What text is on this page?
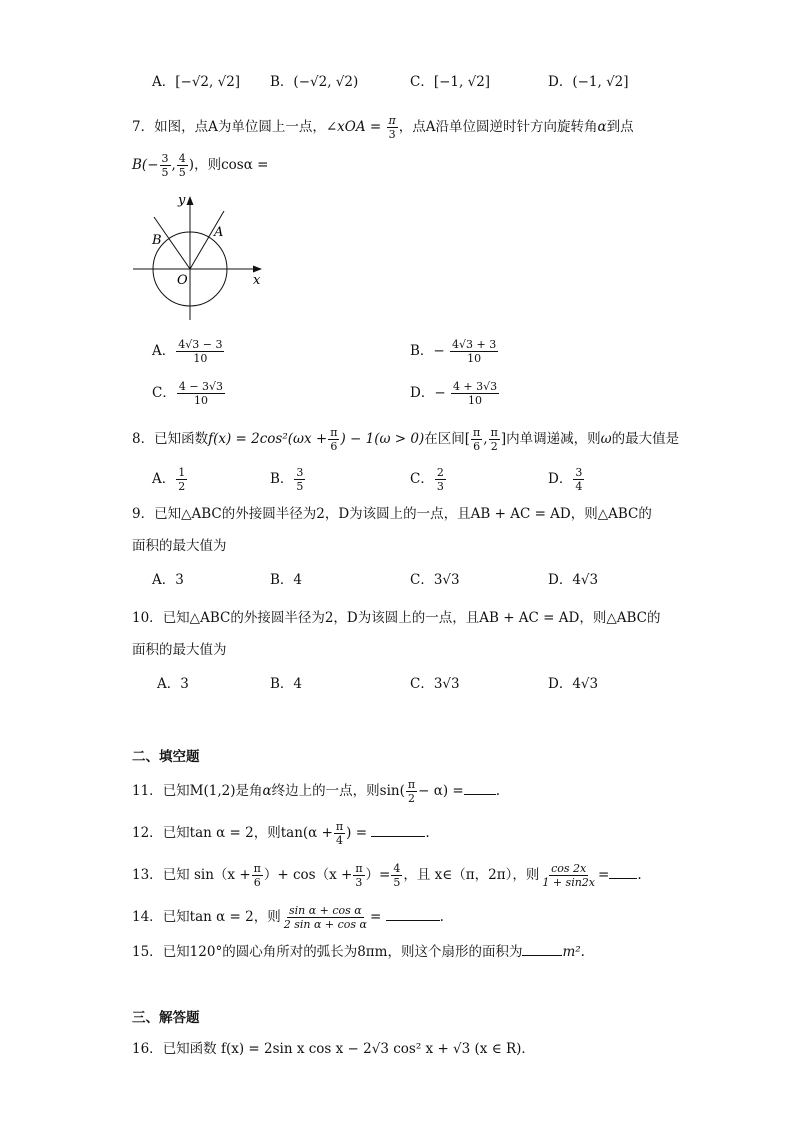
A．[−√2, √2] B．(−√2, √2)	C．[−1, √2]	D．(−1, √2]
7．如图，点A为单位圆上一点，∠xOA = $\frac{\pi}{3}$ ，点A沿单位圆逆时针方向旋转角α到点
$B(- \frac{3}{5}$ , $\frac{4}{5}$ )，则cosα =
y
x
O
A
B
A． $\frac{4√3 - 3}{10}$	B．− $\frac{4√3 + 3}{10}$
C． $\frac{4 - 3√3}{10}$	D．− $\frac{4 + 3√3}{10}$
8．已知函数$f(x) = 2\cos^2(\omega x + \frac{\pi}{6}$ ) − 1(ω > 0)在区间[ $\frac{\pi}{6}$ , $\frac{\pi}{2}$ ]内单调递减，则ω的最大值是
A． $\frac{1}{2}$	B． $\frac{3}{5}$	C． $\frac{2}{3}$	D． $\frac{3}{4}$
9．已知△ABC的外接圆半径为2，D为该圆上的一点，且AB + AC = AD，则△ABC的
面积的最大值为
A．3	B．4	C．3√3	D．4√3
10．已知△ABC的外接圆半径为2，D为该圆上的一点，且AB + AC = AD，则△ABC的
面积的最大值为
A．3	B．4	C．3√3	D．4√3
二、填空题
11．已知M(1,2)是角α终边上的一点，则$\sin( \frac{\pi}{2} - \alpha)$ = .
12．已知tan α = 2，则$\tan(\alpha + \frac{\pi}{4}$ ) =	.
13．已知 $\sin(x + \frac{\pi}{6}$ ）+ $\cos(x + \frac{\pi}{3}$ ）= $\frac{4}{5}$ ，且 x∈（π，2π），则 $\frac{\cos 2x}{1 + \sin 2x}$ = .
14．已知tan α = 2，则 $\frac{\text{sin α + cos α}}{\text{2 sin α + cos α}}$ =	.
15．已知120°的圆心角所对的弧长为8πm，则这个扇形的面积为	m².
三、解答题
16．已知函数 f(x) = 2sin x cos x − 2√3 cos² x + √3 (x ∈ R)．
